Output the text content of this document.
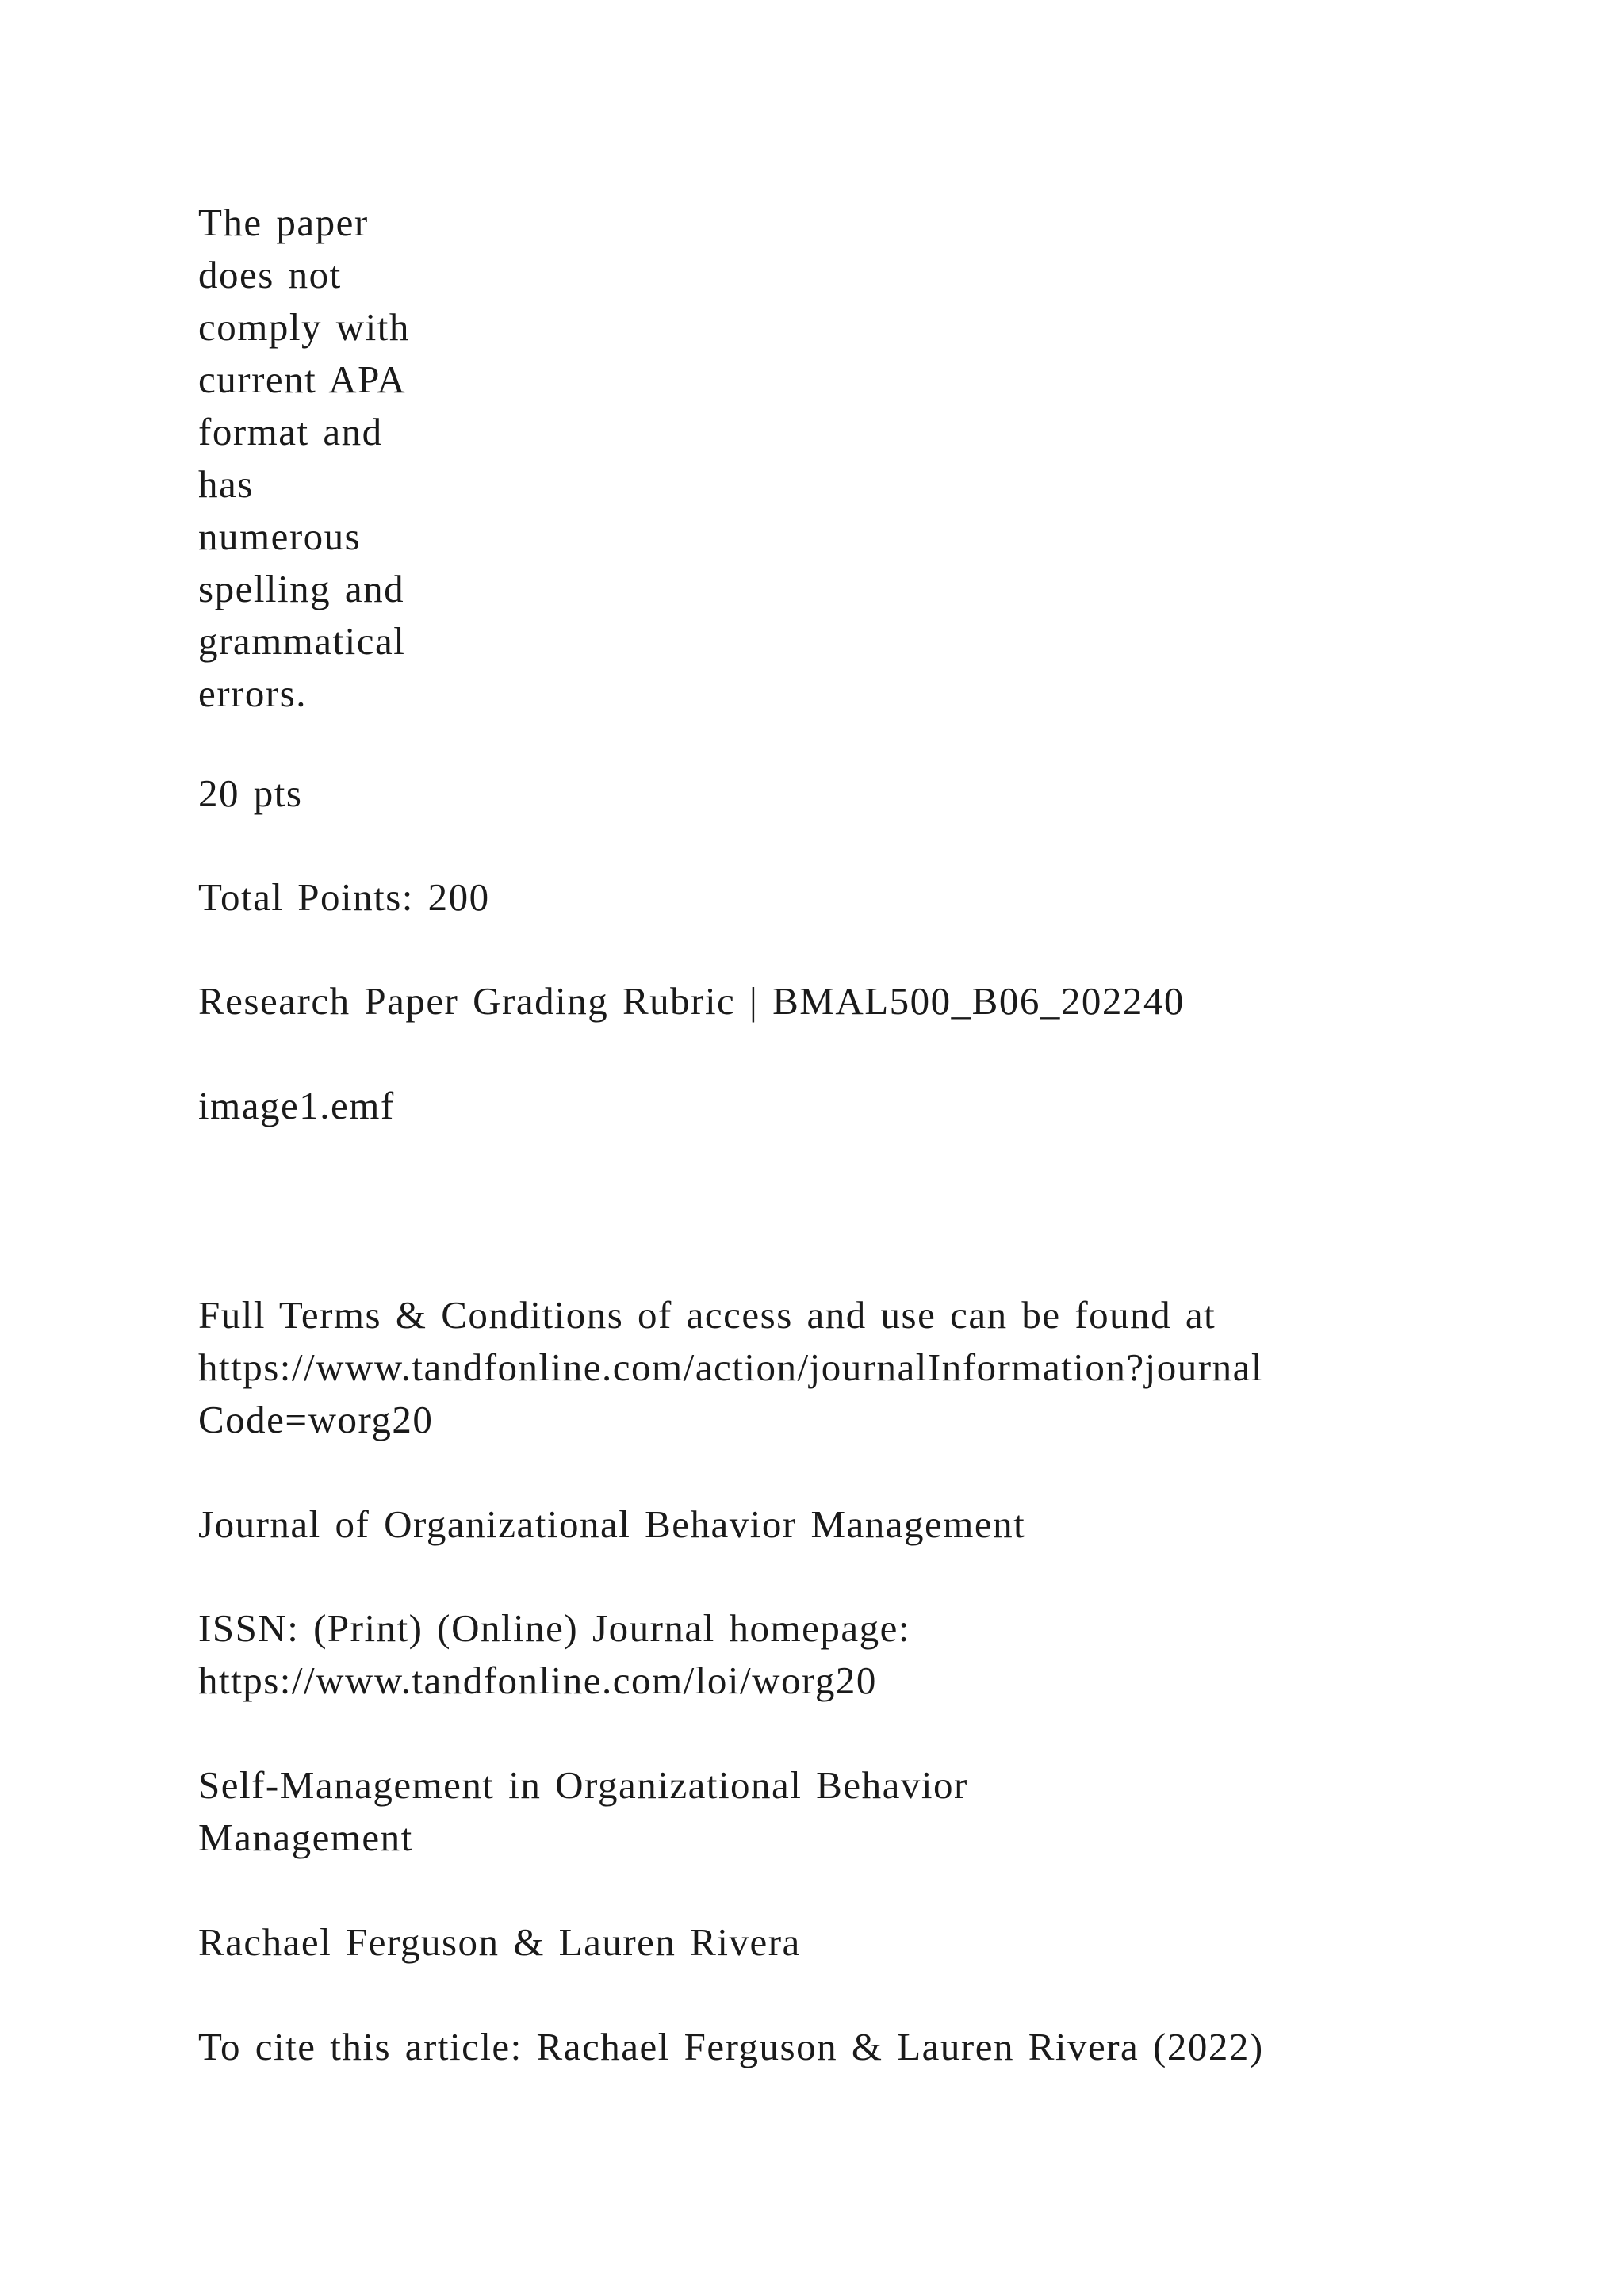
The paper
does not
comply with
current APA
format and
has
numerous
spelling and
grammatical
errors.
20 pts
Total Points: 200
Research Paper Grading Rubric | BMAL500_B06_202240
image1.emf
Full Terms & Conditions of access and use can be found at
https://www.tandfonline.com/action/journalInformation?journal
Code=worg20
Journal of Organizational Behavior Management
ISSN: (Print) (Online) Journal homepage:
https://www.tandfonline.com/loi/worg20
Self-Management in Organizational Behavior
Management
Rachael Ferguson & Lauren Rivera
To cite this article: Rachael Ferguson & Lauren Rivera (2022)
